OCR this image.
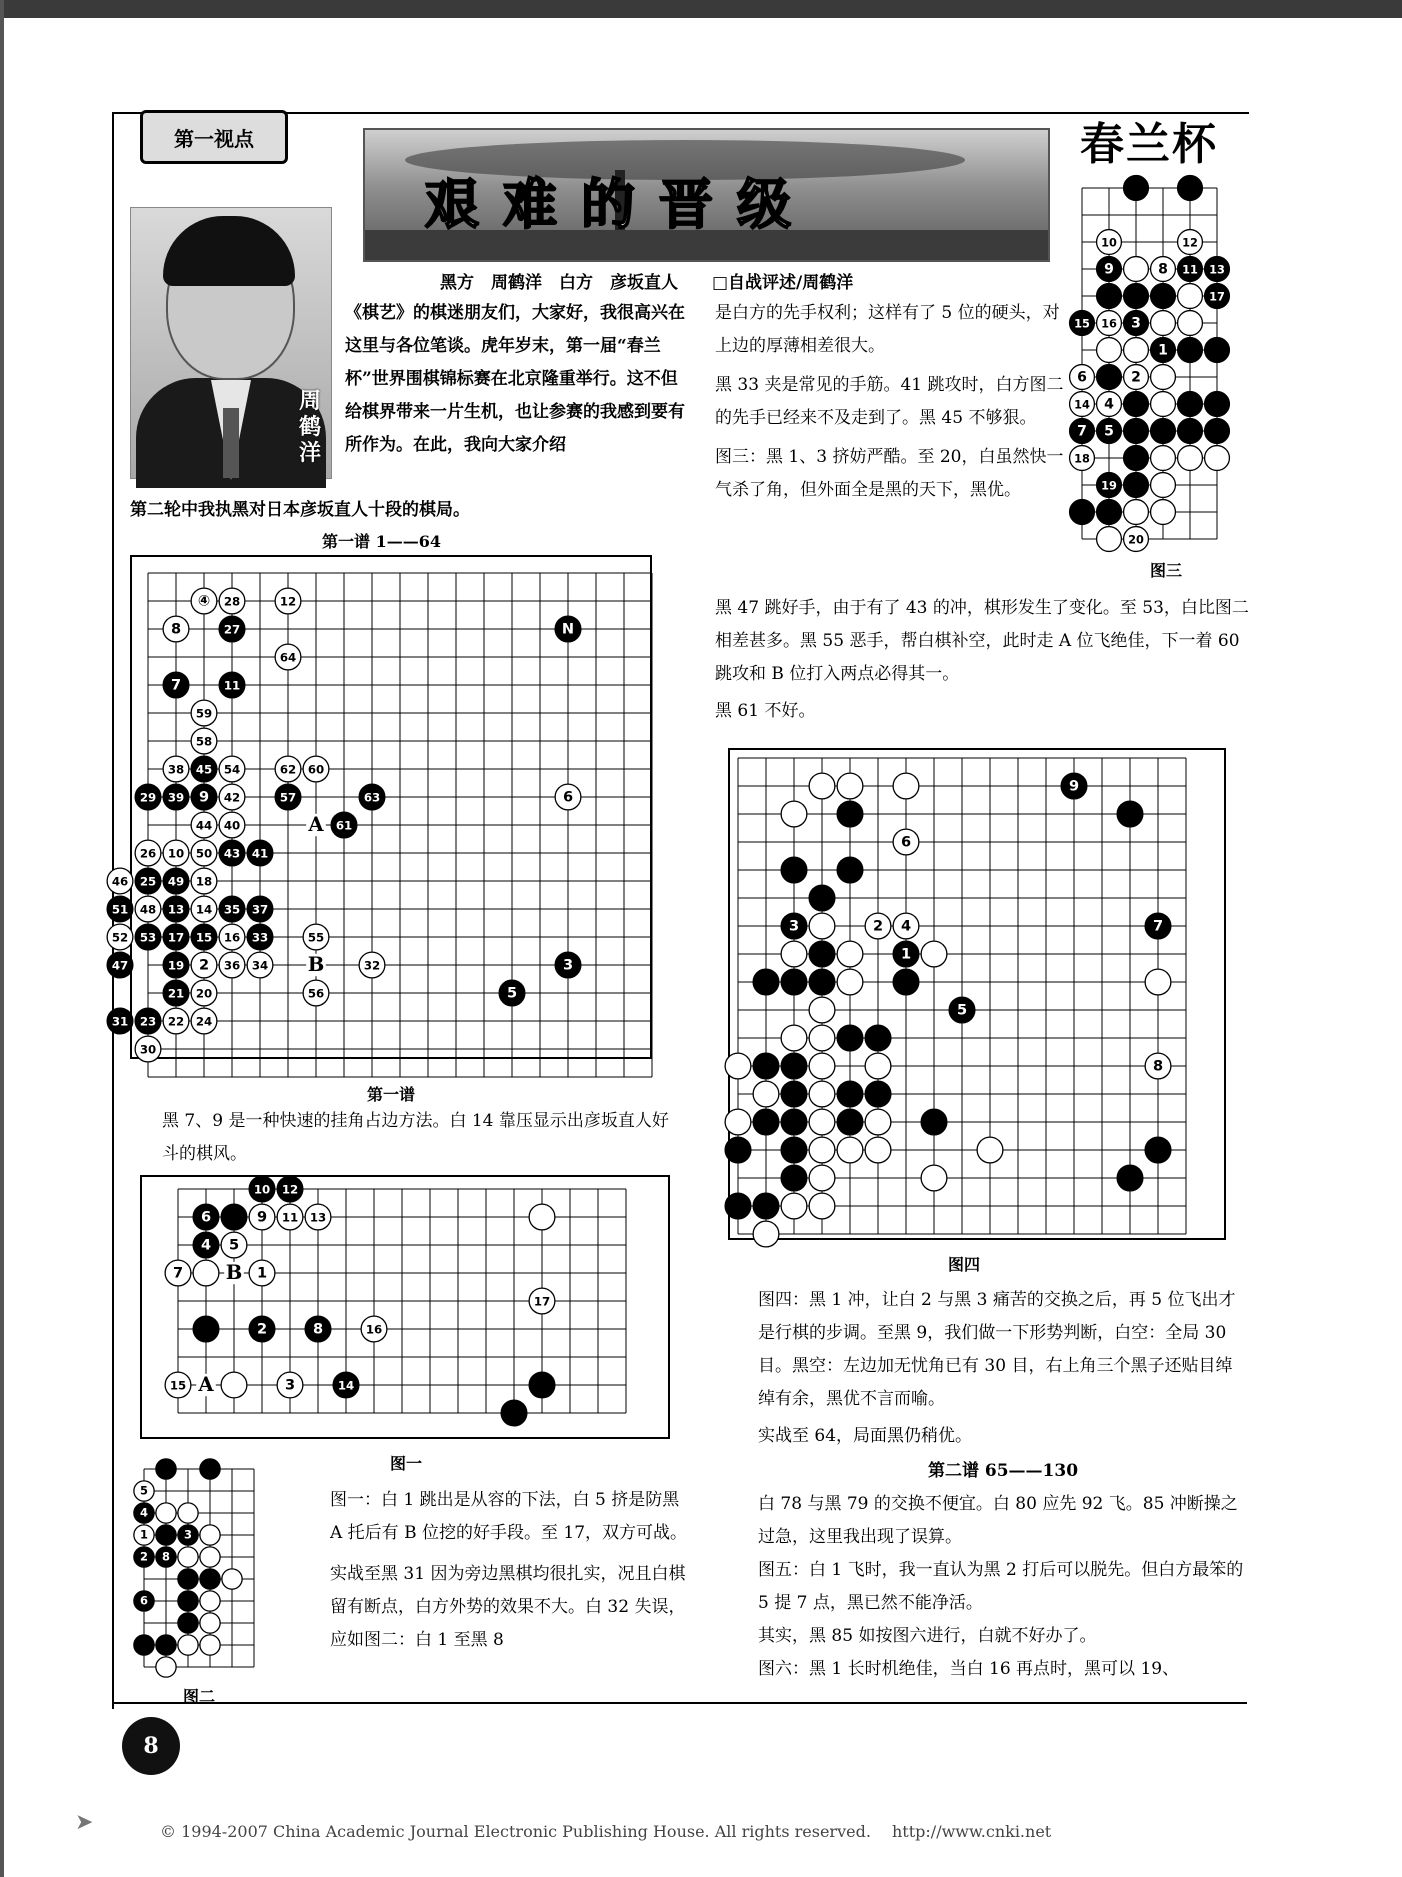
第一视点
艰难的晋级
春兰杯
周鹤洋
黑方　周鹤洋　白方　彦坂直人　　□自战评述/周鹤洋
《棋艺》的棋迷朋友们，大家好，我很高兴在这里与各位笔谈。虎年岁末，第一届“春兰杯”世界围棋锦标赛在北京隆重举行。这不但给棋界带来一片生机，也让参赛的我感到要有所作为。在此，我向大家介绍
第二轮中我执黑对日本彦坂直人十段的棋局。
第一谱 1——64
A
B
④ 28	12
8	27	N
64
7	11
59
58
38 45 54	62 60
29 39 9 42	57	63	6
44 40	61
26 10 50 43 41
46 25 49 18
51 48 13 14 35 37
52 53 17 15 16 33	55
47	19 2 36 34	32	3
21 20	56	5
31 23 22 24
30
第一谱
黑 7、9 是一种快速的挂角占边方法。白 14 靠压显示出彦坂直人好斗的棋风。
A
B
10 12
6	9 11 13
4 5
7	1
17
2	8	16
15	3	14
图一
5
4
1	3
2 8
6
图二
图一：白 1 跳出是从容的下法，白 5 挤是防黑 A 托后有 B 位挖的好手段。至 17，双方可战。
实战至黑 31 因为旁边黑棋均很扎实，况且白棋留有断点，白方外势的效果不大。白 32 失误，应如图二：白 1 至黑 8
是白方的先手权利；这样有了 5 位的硬头，对上边的厚薄相差很大。
黑 33 夹是常见的手筋。41 跳攻时，白方图二的先手已经来不及走到了。黑 45 不够狠。
图三：黑 1、3 挤妨严酷。至 20，白虽然快一气杀了角，但外面全是黑的天下，黑优。
10	12
9	8 11 13
17
15 16 3
1
6	2
14 4
7 5
18
19
20
图三
黑 47 跳好手，由于有了 43 的冲，棋形发生了变化。至 53，白比图二相差甚多。黑 55 恶手，帮白棋补空，此时走 A 位飞绝佳，下一着 60 跳攻和 B 位打入两点必得其一。
黑 61 不好。
9
6
3	2 4	7
1
5
8
图四
图四：黑 1 冲，让白 2 与黑 3 痛苦的交换之后，再 5 位飞出才是行棋的步调。至黑 9，我们做一下形势判断，白空：全局 30 目。黑空：左边加无忧角已有 30 目，右上角三个黑子还贴目绰绰有余，黑优不言而喻。
实战至 64，局面黑仍稍优。
第二谱 65——130
白 78 与黑 79 的交换不便宜。白 80 应先 92 飞。85 冲断操之过急，这里我出现了误算。
图五：白 1 飞时，我一直认为黑 2 打后可以脱先。但白方最笨的 5 提 7 点，黑已然不能净活。
其实，黑 85 如按图六进行，白就不好办了。
图六：黑 1 长时机绝佳，当白 16 再点时，黑可以 19、
8
➤	© 1994-2007 China Academic Journal Electronic Publishing House. All rights reserved.　 http://www.cnki.net
